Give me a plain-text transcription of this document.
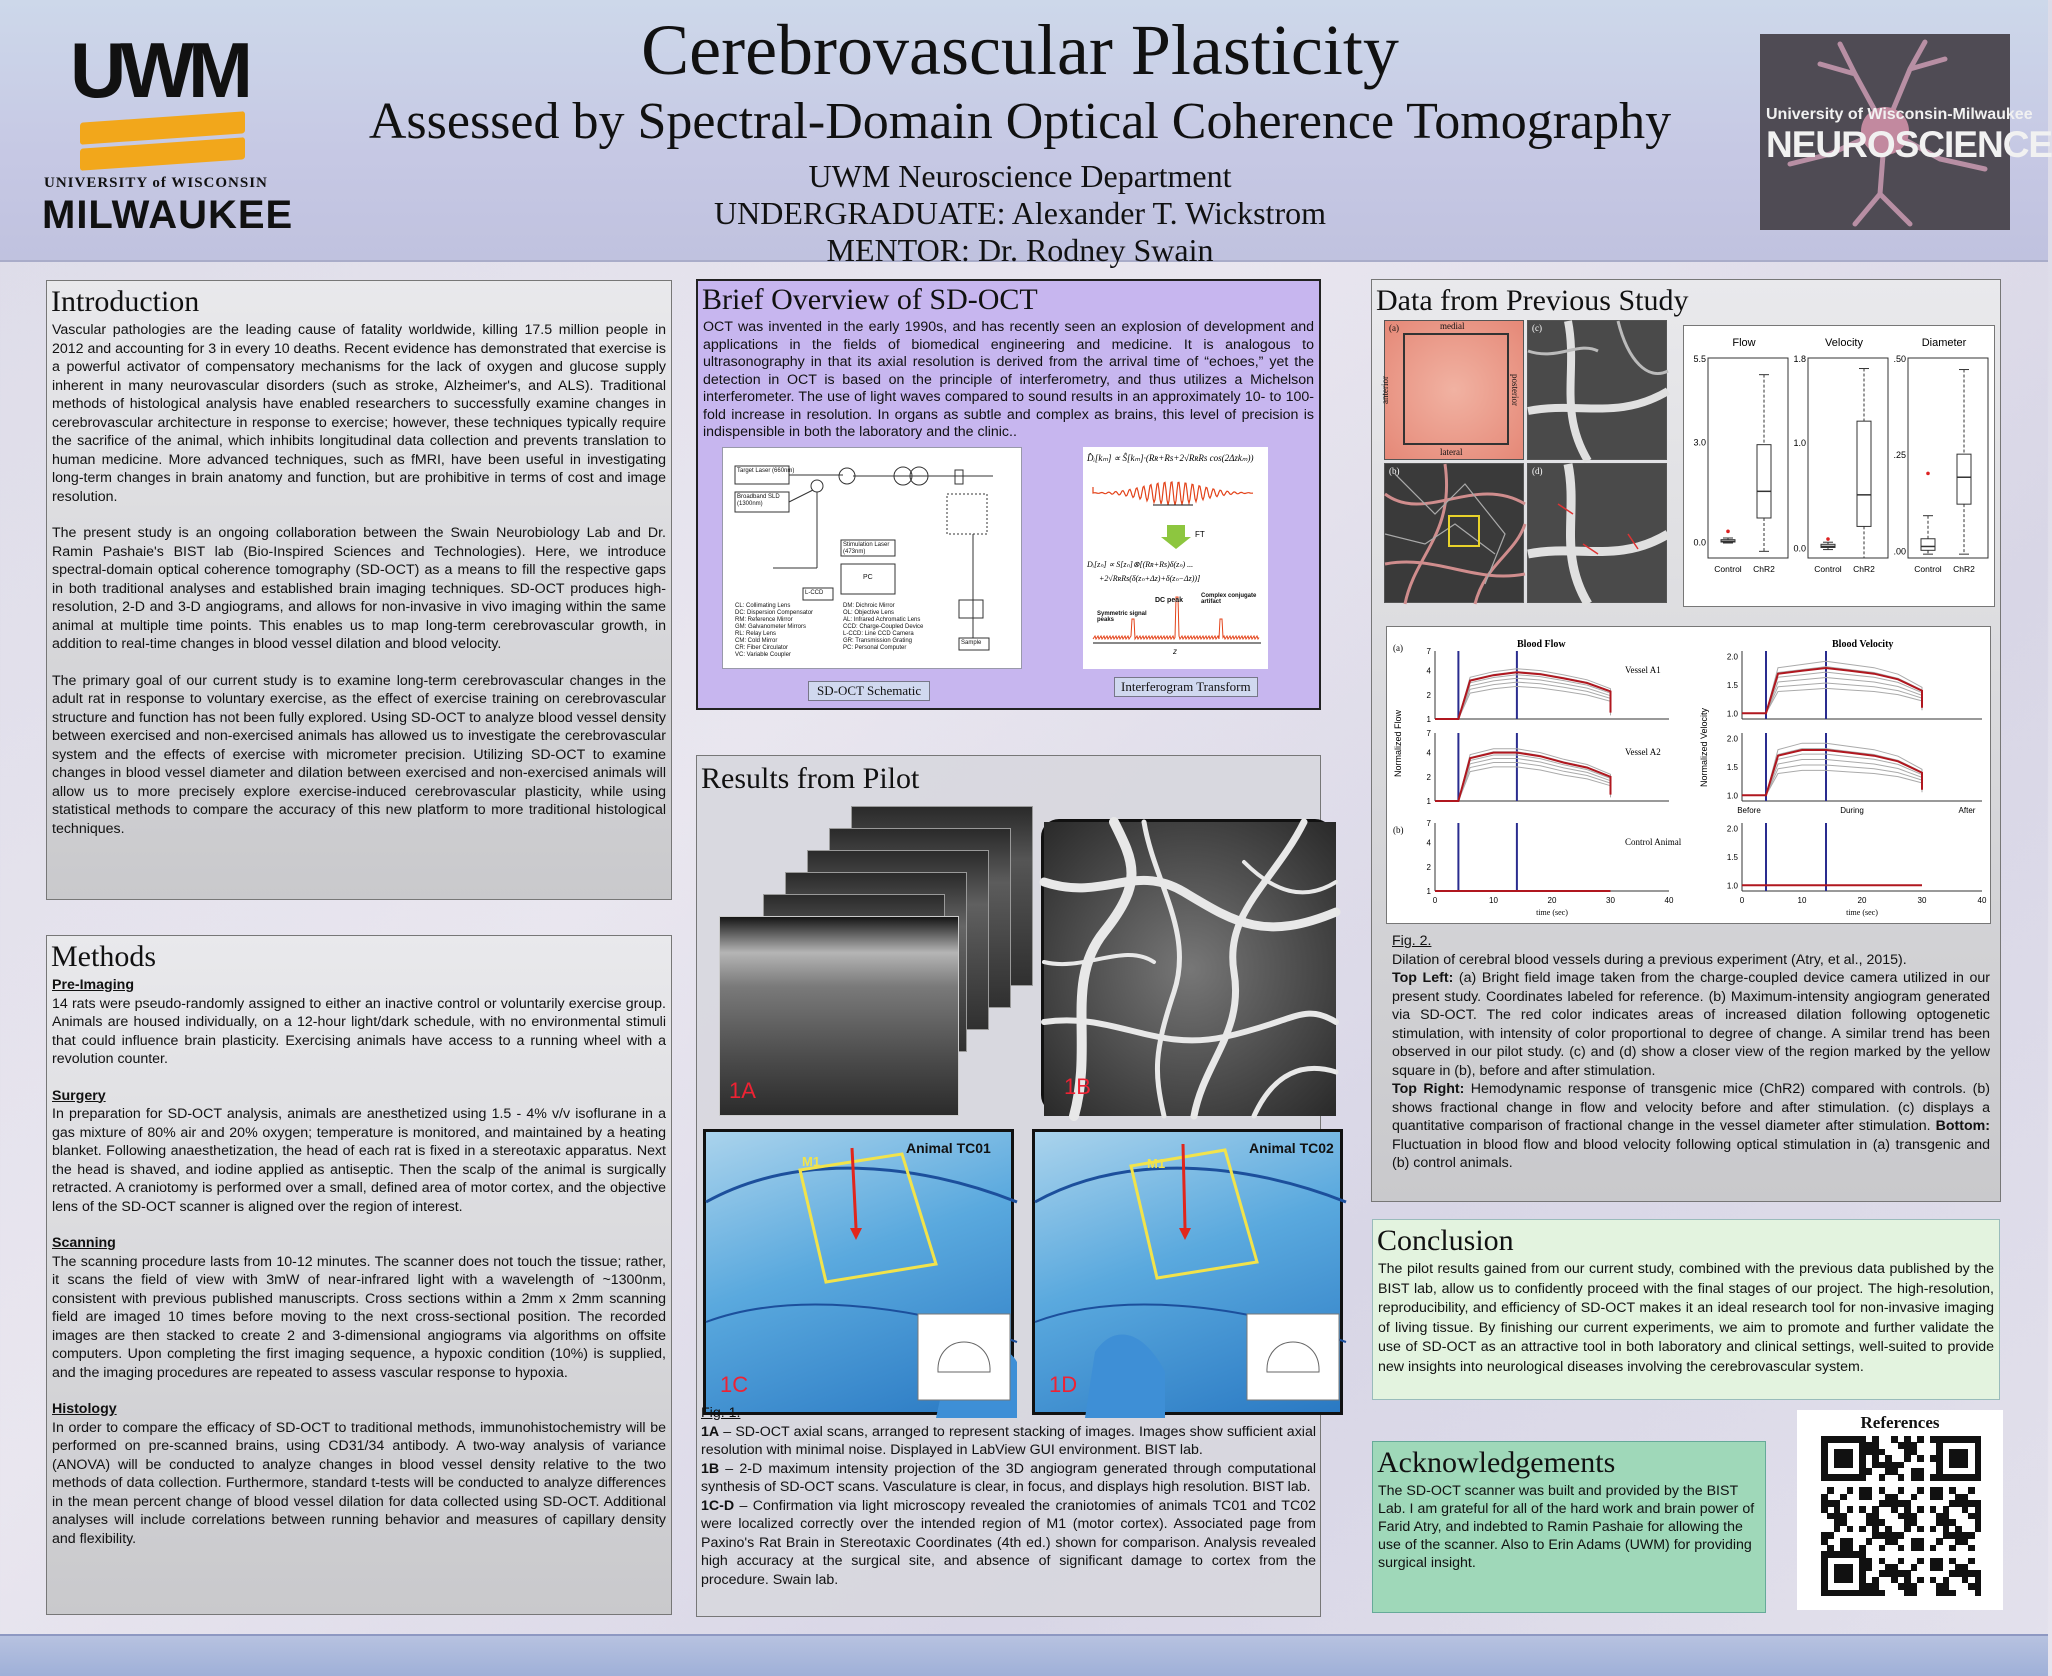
UWM
UNIVERSITY of WISCONSIN
MILWAUKEE
Cerebrovascular Plasticity
Assessed by Spectral-Domain Optical Coherence Tomography
UWM Neuroscience Department
UNDERGRADUATE: Alexander T. Wickstrom
MENTOR: Dr. Rodney Swain
University of Wisconsin-Milwaukee
NEUROSCIENCE
Introduction

Vascular pathologies are the leading cause of fatality worldwide, killing 17.5 million people in 2012 and accounting for 3 in every 10 deaths. Recent evidence has demonstrated that exercise is a powerful activator of compensatory mechanisms for the lack of oxygen and glucose supply inherent in many neurovascular disorders (such as stroke, Alzheimer's, and ALS). Traditional methods of histological analysis have enabled researchers to successfully examine changes in cerebrovascular architecture in response to exercise; however, these techniques typically require the sacrifice of the animal, which inhibits longitudinal data collection and prevents translation to human medicine. More advanced techniques, such as fMRI, have been useful in investigating long-term changes in brain anatomy and function, but are prohibitive in terms of cost and image resolution.

The present study is an ongoing collaboration between the Swain Neurobiology Lab and Dr. Ramin Pashaie's BIST lab (Bio-Inspired Sciences and Technologies). Here, we introduce spectral-domain optical coherence tomography (SD-OCT) as a means to fill the respective gaps in both traditional analyses and established brain imaging techniques. SD-OCT produces high-resolution, 2-D and 3-D angiograms, and allows for non-invasive in vivo imaging within the same animal at multiple time points. This enables us to map long-term cerebrovascular growth, in addition to real-time changes in blood vessel dilation and blood velocity.

The primary goal of our current study is to examine long-term cerebrovascular changes in the adult rat in response to voluntary exercise, as the effect of exercise training on cerebrovascular structure and function has not been fully explored. Using SD-OCT to analyze blood vessel density between exercised and non-exercised animals has allowed us to investigate the cerebrovascular system and the effects of exercise with micrometer precision. Utilizing SD-OCT to examine changes in blood vessel diameter and dilation between exercised and non-exercised animals will allow us to more precisely explore exercise-induced cerebrovascular plasticity, while using statistical methods to compare the accuracy of this new platform to more traditional histological techniques.

Methods
Pre-Imaging

14 rats were pseudo-randomly assigned to either an inactive control or voluntarily exercise group. Animals are housed individually, on a 12-hour light/dark schedule, with no environmental stimuli that could influence brain plasticity. Exercising animals have access to a running wheel with a revolution counter.

Surgery

In preparation for SD-OCT analysis, animals are anesthetized using 1.5 - 4% v/v isoflurane in a gas mixture of 80% air and 20% oxygen; temperature is monitored, and maintained by a heating blanket. Following anaesthetization, the head of each rat is fixed in a stereotaxic apparatus. Next the head is shaved, and iodine applied as antiseptic. Then the scalp of the animal is surgically retracted. A craniotomy is performed over a small, defined area of motor cortex, and the objective lens of the SD-OCT scanner is aligned over the region of interest.

Scanning

The scanning procedure lasts from 10-12 minutes. The scanner does not touch the tissue; rather, it scans the field of view with 3mW of near-infrared light with a wavelength of ~1300nm, consistent with previous published manuscripts. Cross sections within a 2mm x 2mm scanning field are imaged 10 times before moving to the next cross-sectional position. The recorded images are then stacked to create 2 and 3-dimensional angiograms via algorithms on offsite computers. Upon completing the first imaging sequence, a hypoxic condition (10%) is supplied, and the imaging procedures are repeated to assess vascular response to hypoxia.

Histology

In order to compare the efficacy of SD-OCT to traditional methods, immunohistochemistry will be performed on pre-scanned brains, using CD31/34 antibody. A two-way analysis of variance (ANOVA) will be conducted to analyze changes in blood vessel density relative to the two methods of data collection. Furthermore, standard t-tests will be conducted to analyze differences in the mean percent change of blood vessel dilation for data collected using SD-OCT. Additional analyses will include correlations between running behavior and measures of capillary density and flexibility.

Brief Overview of SD-OCT
OCT was invented in the early 1990s, and has recently seen an explosion of development and applications in the fields of biomedical engineering and medicine. It is analogous to ultrasonography in that its axial resolution is derived from the arrival time of “echoes,” yet the detection in OCT is based on the principle of interferometry, and thus utilizes a Michelson interferometer. The use of light waves compared to sound results in an approximately 10- to 100- fold increase in resolution. In organs as subtle and complex as brains, this level of precision is indispensible in both the laboratory and the clinic..
Target Laser (660nm)
Broadband SLD (1300nm)
Stimulation Laser (473nm)
PC
L-CCD
Sample
CL: Collimating Lens
DC: Dispersion Compensator
RM: Reference Mirror
GM: Galvanometer Mirrors
RL: Relay Lens
CM: Cold Mirror
CR: Fiber Circulator
VC: Variable Coupler
DM: Dichroic Mirror
OL: Objective Lens
AL: Infrared Achromatic Lens
CCD: Charge-Coupled Device
L-CCD: Line CCD Camera
GR: Transmission Grating
PC: Personal Computer
SD-OCT Schematic
D̂ᵢ[kₘ] ∝ Ŝ[kₘ]·(Rʀ+Rs+2√RʀRs cos(2Δzkₘ))
FT
Dᵢ[zₙ] ∝ S[zₙ]⊗[(Rʀ+Rs)δ(zₙ) ...
+2√RʀRs(δ(zₙ+Δz)+δ(zₙ−Δz))]
DC peak
Complex conjugate artifact
Symmetric signal peaks
z
Interferogram Transform
Results from Pilot
1A	1B
M1
Animal TC01
1C
M1
Animal TC02
1D
Fig. 1.
1A – SD-OCT axial scans, arranged to represent stacking of images. Images show sufficient axial resolution with minimal noise. Displayed in LabView GUI environment. BIST lab.
1B – 2-D maximum intensity projection of the 3D angiogram generated through computational synthesis of SD-OCT scans. Vasculature is clear, in focus, and displays high resolution. BIST lab.
1C-D – Confirmation via light microscopy revealed the craniotomies of animals TC01 and TC02 were localized correctly over the intended region of M1 (motor cortex). Associated page from Paxino's Rat Brain in Stereotaxic Coordinates (4th ed.) shown for comparison. Analysis revealed high accuracy at the surgical site, and absence of significant damage to cortex from the procedure. Swain lab.
Data from Previous Study
(a)	medial
lateral
anterior	posterior
(b)
(c)
(d)
Flow
5.5
3.0
0.0
Control ChR2
Velocity
1.8
1.0
0.0
Control ChR2
Diameter
.50
.25
.00
Control ChR2
(a)
(b)
Blood Flow	Blood Velocity
Normalized Flow	Normalized Velocity
7
4
2
1
Vessel A1
7
4
2
1
Vessel A2
7
4
2
1
Control Animal
0	10	20	30	40
time (sec)
2.0
1.5
1.0
2.0
1.5
1.0
2.0
1.5
1.0
0	10	20	30	40
time (sec)
Before	During	After
Fig. 2.
Dilation of cerebral blood vessels during a previous experiment (Atry, et al., 2015).
Top Left: (a) Bright field image taken from the charge-coupled device camera utilized in our present study. Coordinates labeled for reference. (b) Maximum-intensity angiogram generated via SD-OCT. The red color indicates areas of increased dilation following optogenetic stimulation, with intensity of color proportional to degree of change. A similar trend has been observed in our pilot study. (c) and (d) show a closer view of the region marked by the yellow square in (b), before and after stimulation.
Top Right: Hemodynamic response of transgenic mice (ChR2) compared with controls. (b) shows fractional change in flow and velocity before and after stimulation. (c) displays a quantitative comparison of fractional change in the vessel diameter after stimulation. Bottom: Fluctuation in blood flow and blood velocity following optical stimulation in (a) transgenic and (b) control animals.
Conclusion
The pilot results gained from our current study, combined with the previous data published by the BIST lab, allow us to confidently proceed with the final stages of our project. The high-resolution, reproducibility, and efficiency of SD-OCT makes it an ideal research tool for non-invasive imaging of living tissue. By finishing our current experiments, we aim to promote and further validate the use of SD-OCT as an attractive tool in both laboratory and clinical settings, well-suited to provide new insights into neurological diseases involving the cerebrovascular system.
Acknowledgements
The SD-OCT scanner was built and provided by the BIST Lab. I am grateful for all of the hard work and brain power of Farid Atry, and indebted to Ramin Pashaie for allowing the use of the scanner. Also to Erin Adams (UWM) for providing surgical insight.
References
